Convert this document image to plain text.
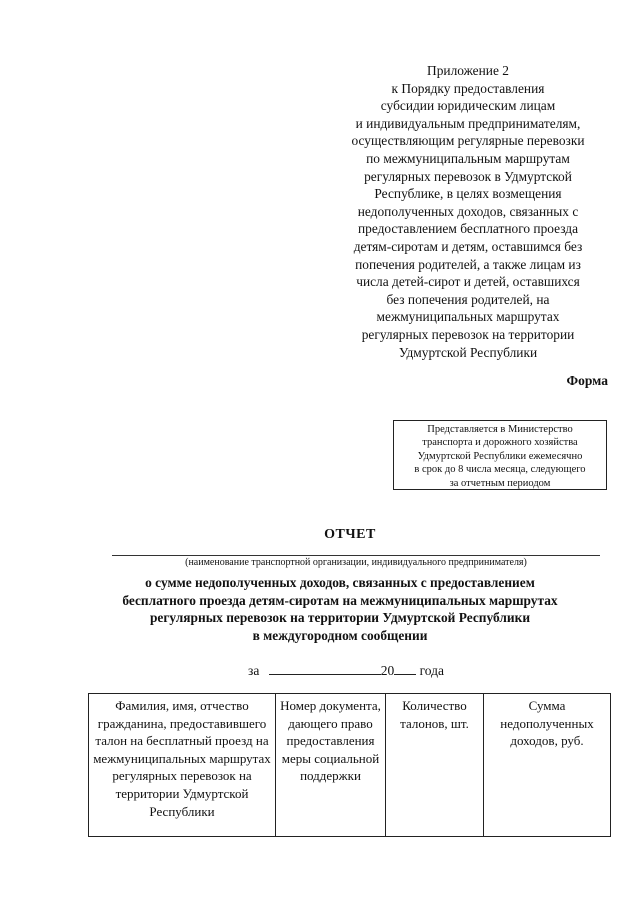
Приложение 2
к Порядку предоставления
субсидии юридическим лицам
и индивидуальным предпринимателям,
осуществляющим регулярные перевозки
по межмуниципальным маршрутам
регулярных перевозок в Удмуртской
Республике, в целях возмещения
недополученных доходов, связанных с
предоставлением бесплатного проезда
детям-сиротам и детям, оставшимся без
попечения родителей, а также лицам из
числа детей-сирот и детей, оставшихся
без попечения родителей, на
межмуниципальных маршрутах
регулярных перевозок на территории
Удмуртской Республики
Форма
Представляется в Министерство
транспорта и дорожного хозяйства
Удмуртской Республики ежемесячно
в срок до 8 числа месяца, следующего
за отчетным периодом
ОТЧЕТ
(наименование транспортной организации, индивидуального предпринимателя)
о сумме недополученных доходов, связанных с предоставлением
бесплатного проезда детям-сиротам на межмуниципальных маршрутах
регулярных перевозок на территории Удмуртской Республики
в междугородном сообщении
за	20 года
Фамилия, имя, отчество гражданина, предоставившего талон на бесплатный проезд на межмуниципальных маршрутах регулярных перевозок на территории Удмуртской Республики	Номер документа, дающего право предоставления меры социальной поддержки	Количество талонов, шт.	Сумма недополученных доходов, руб.
